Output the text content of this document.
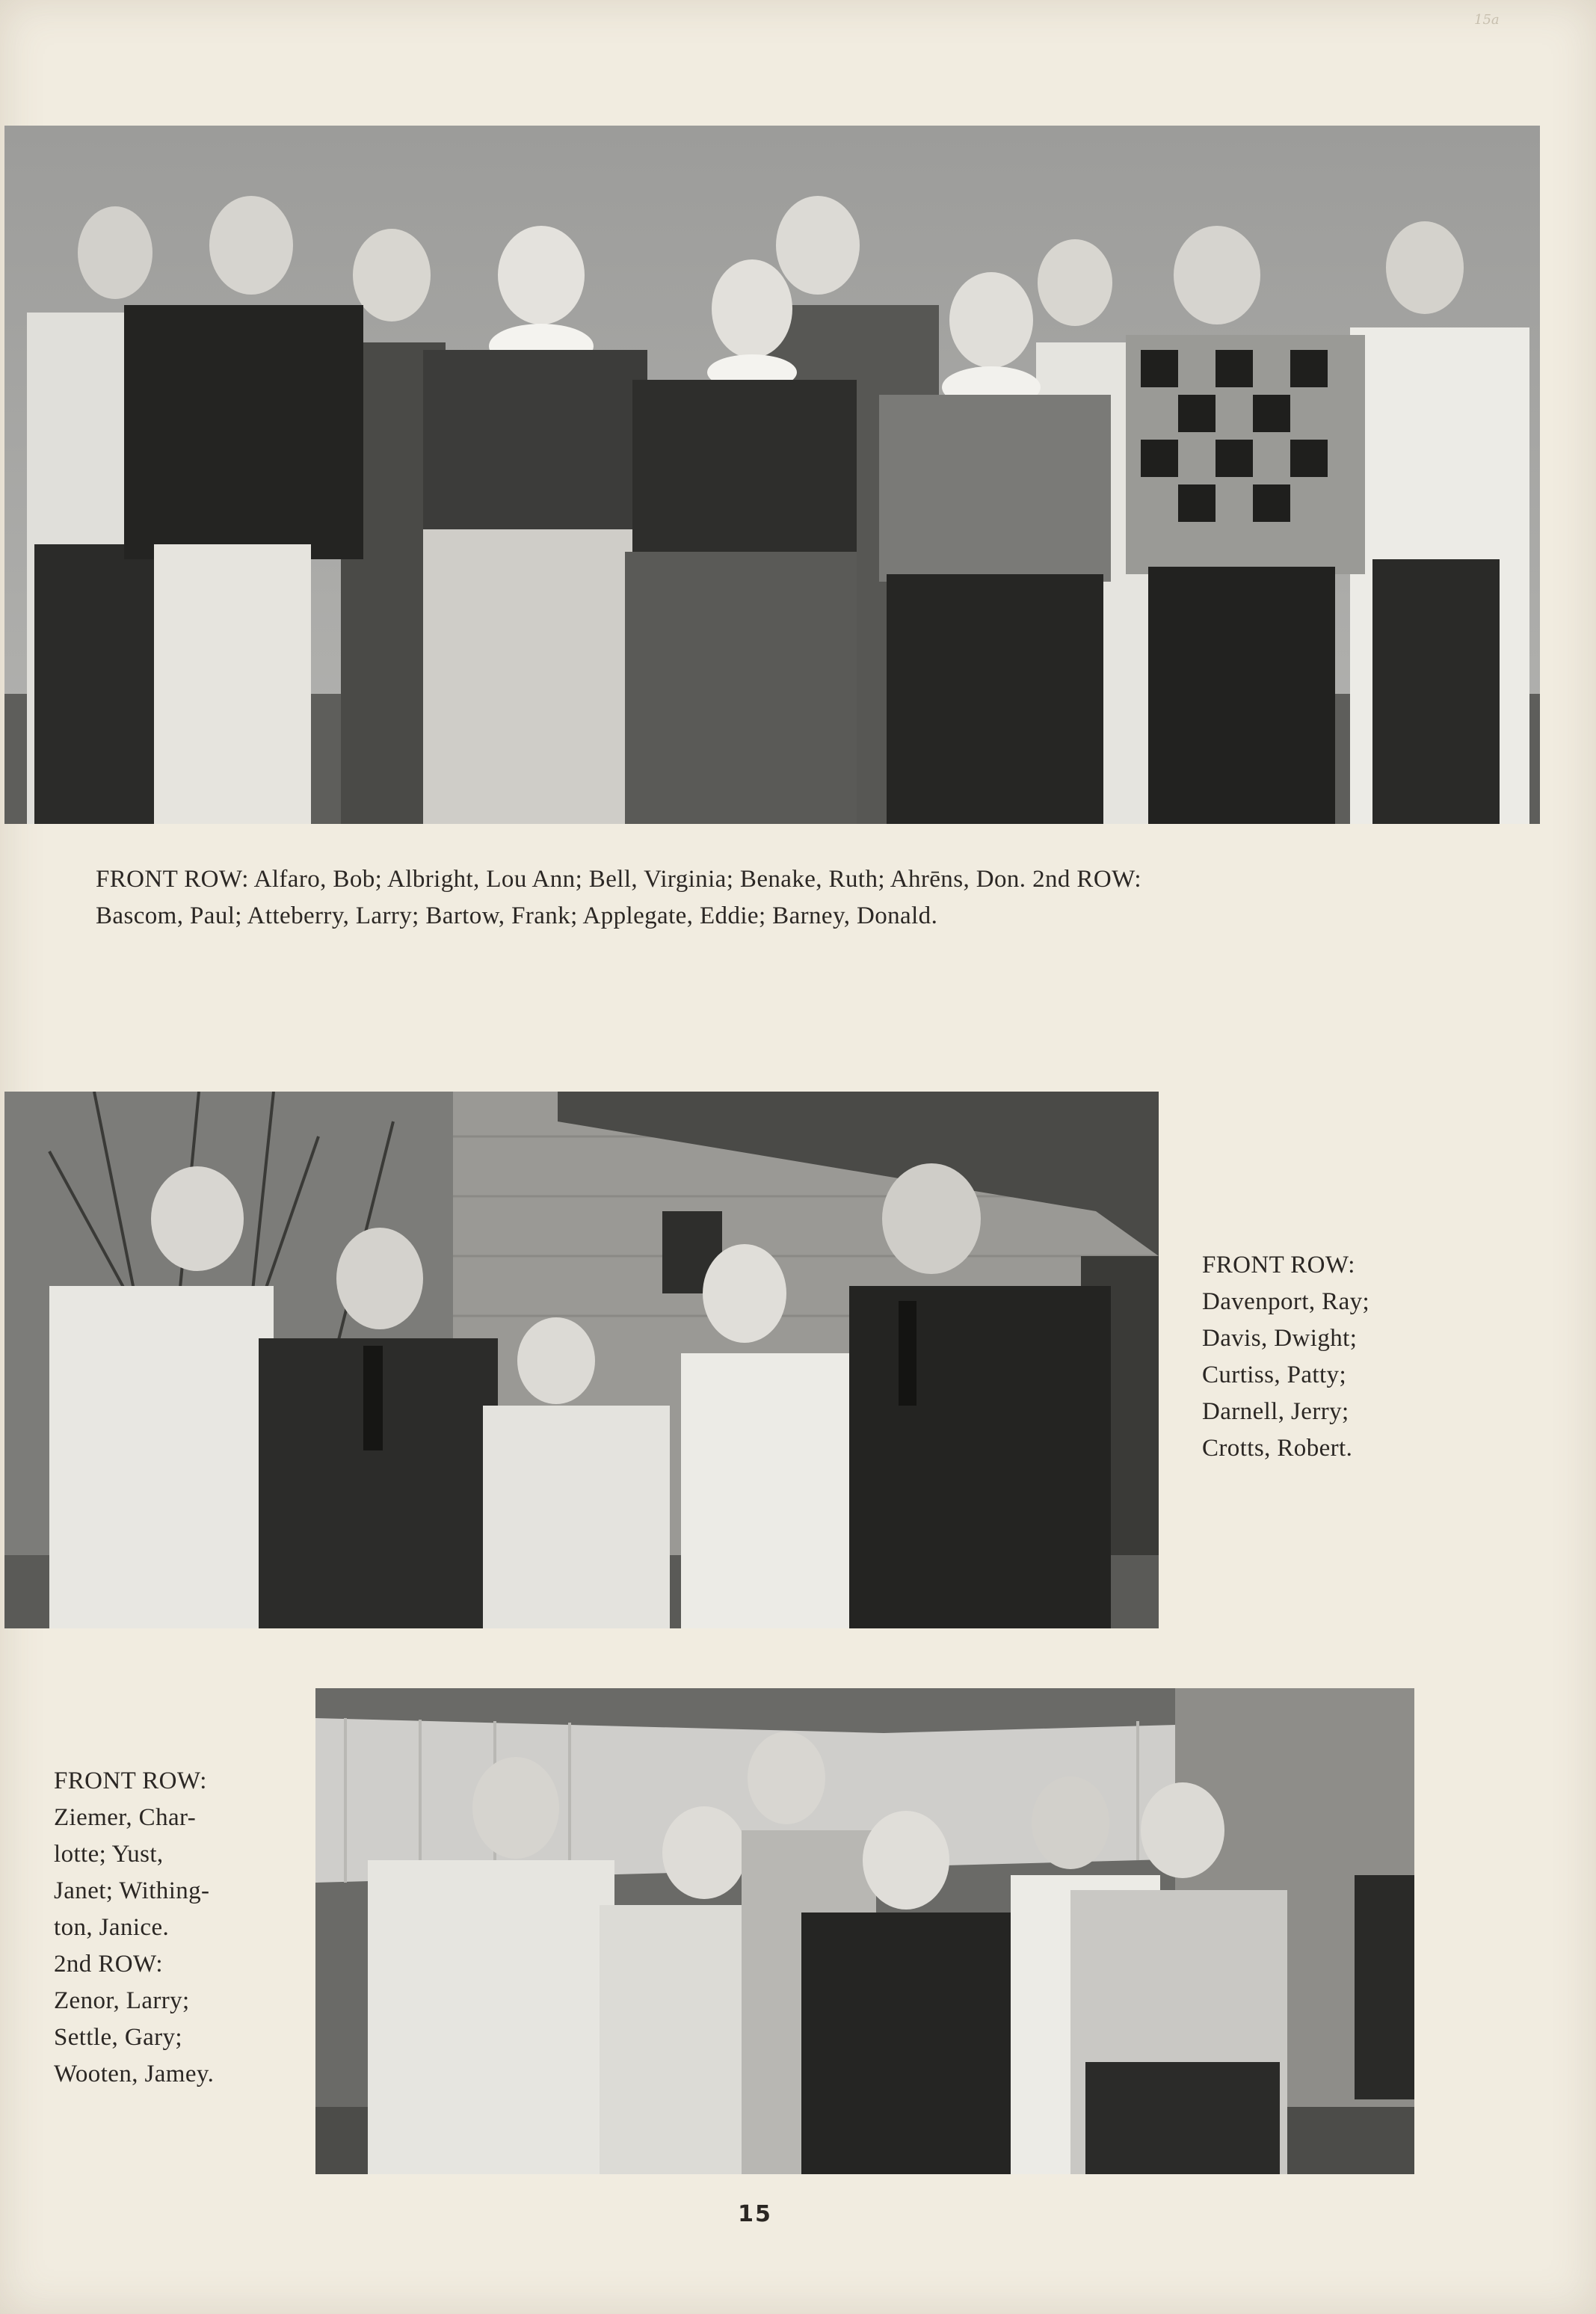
15a
FRONT ROW: Alfaro, Bob; Albright, Lou Ann; Bell, Virginia; Benake, Ruth; Ahrēns, Don. 2nd ROW:
Bascom, Paul; Atteberry, Larry; Bartow, Frank; Applegate, Eddie; Barney, Donald.
FRONT ROW:
Davenport, Ray;
Davis, Dwight;
Curtiss, Patty;
Darnell, Jerry;
Crotts, Robert.
FRONT ROW:
Ziemer, Char-
lotte; Yust,
Janet; Withing-
ton, Janice.
2nd ROW:
Zenor, Larry;
Settle, Gary;
Wooten, Jamey.
15
